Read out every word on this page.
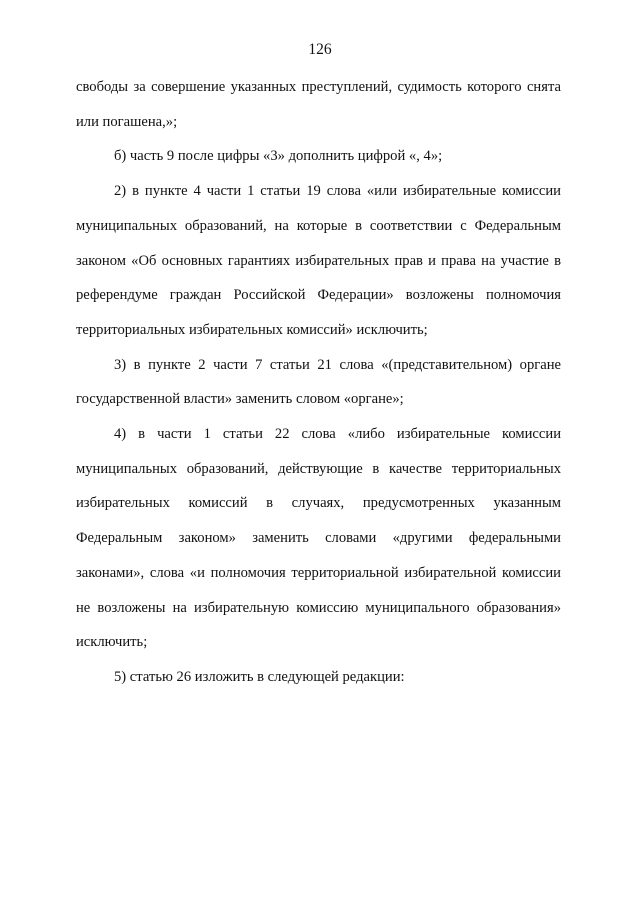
126

свободы за совершение указанных преступлений, судимость которого снята или погашена,»;

б) часть 9 после цифры «3» дополнить цифрой «, 4»;

2) в пункте 4 части 1 статьи 19 слова «или избирательные комиссии муниципальных образований, на которые в соответствии с Федеральным законом «Об основных гарантиях избирательных прав и права на участие в референдуме граждан Российской Федерации» возложены полномочия территориальных избирательных комиссий» исключить;

3) в пункте 2 части 7 статьи 21 слова «(представительном) органе государственной власти» заменить словом «органе»;

4) в части 1 статьи 22 слова «либо избирательные комиссии муниципальных образований, действующие в качестве территориальных избирательных комиссий в случаях, предусмотренных указанным Федеральным законом» заменить словами «другими федеральными законами», слова «и полномочия территориальной избирательной комиссии не возложены на избирательную комиссию муниципального образования» исключить;

5) статью 26 изложить в следующей редакции:
